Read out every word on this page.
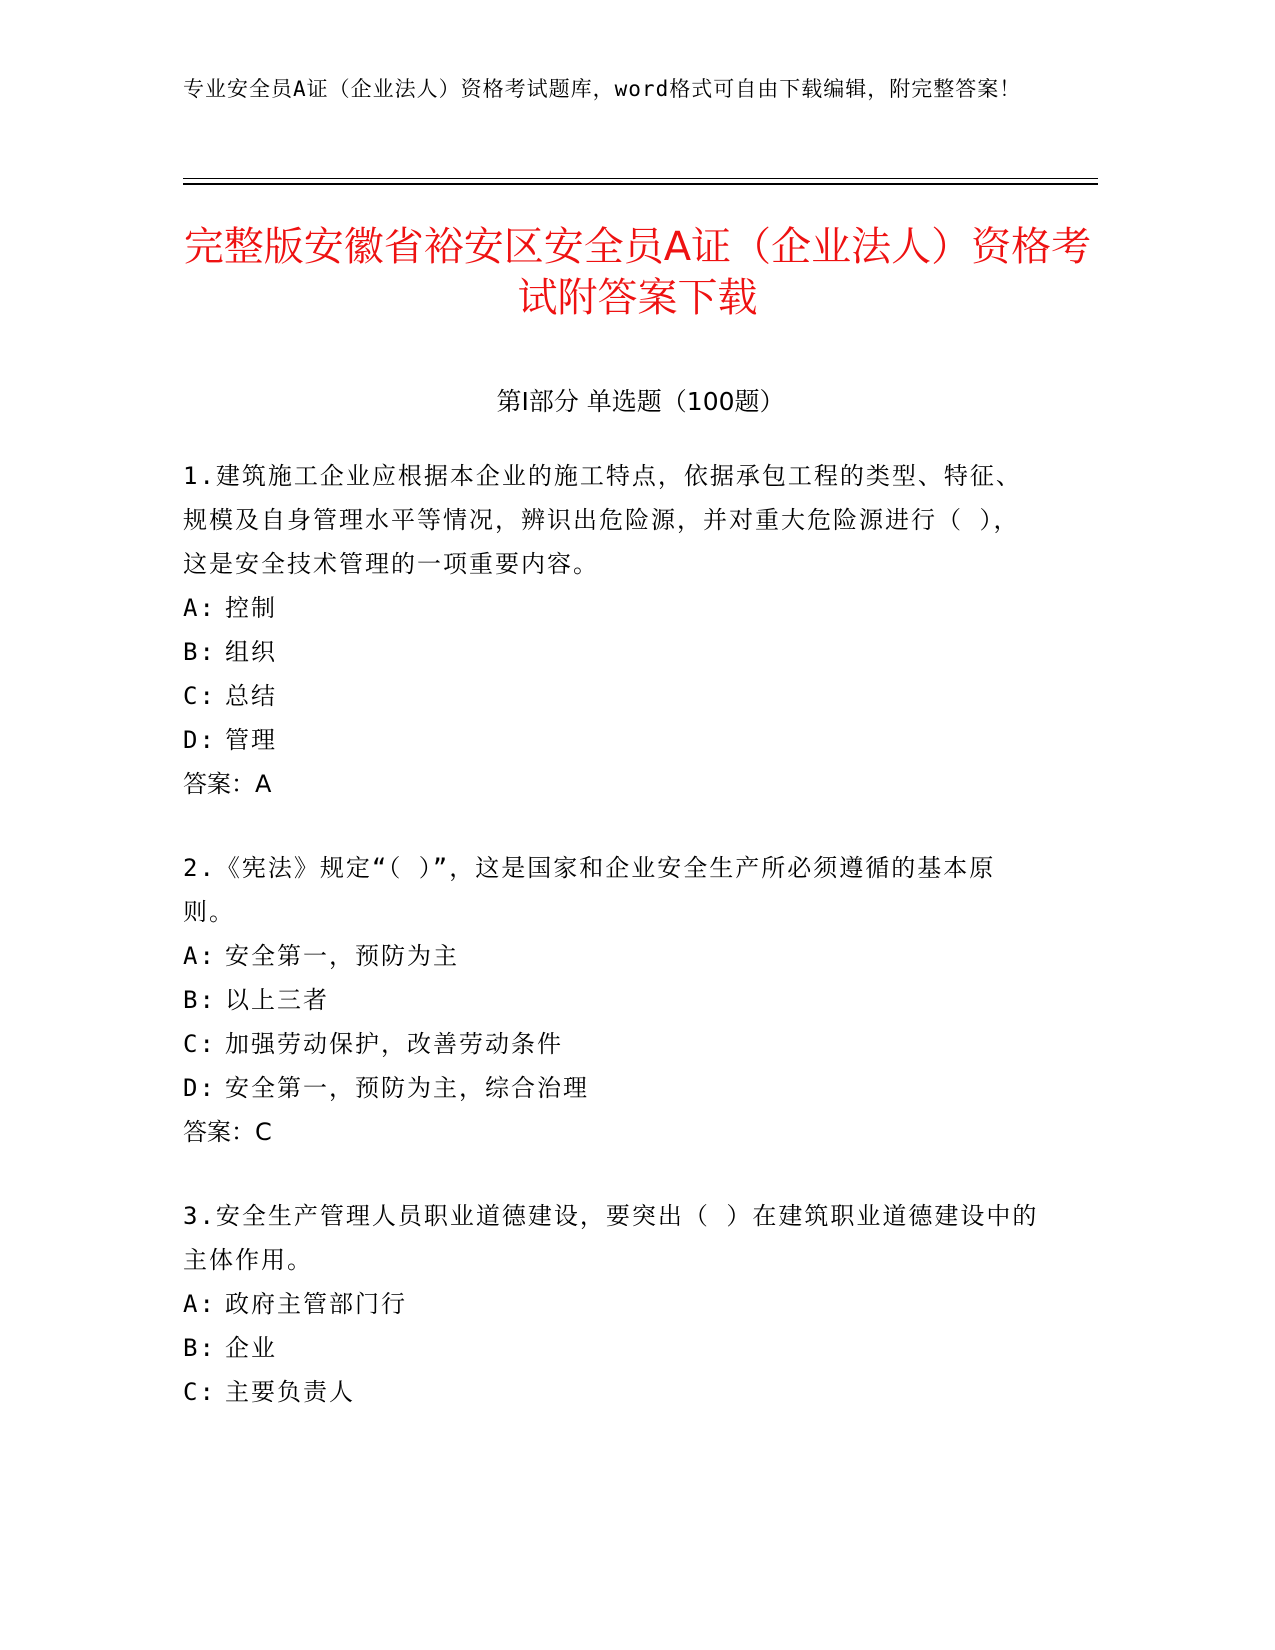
专业安全员A证（企业法人）资格考试题库，word格式可自由下载编辑，附完整答案！
完整版安徽省裕安区安全员A证（企业法人）资格考试附答案下载
第I部分 单选题（100题）
1.建筑施工企业应根据本企业的施工特点，依据承包工程的类型、特征、规模及自身管理水平等情况，辨识出危险源，并对重大危险源进行（ ），这是安全技术管理的一项重要内容。
A: 控制
B: 组织
C: 总结
D: 管理
答案：A
2.《宪法》规定“（ ）”，这是国家和企业安全生产所必须遵循的基本原则。
A: 安全第一，预防为主
B: 以上三者
C: 加强劳动保护，改善劳动条件
D: 安全第一，预防为主，综合治理
答案：C
3.安全生产管理人员职业道德建设，要突出（ ）在建筑职业道德建设中的主体作用。
A: 政府主管部门行
B: 企业
C: 主要负责人
